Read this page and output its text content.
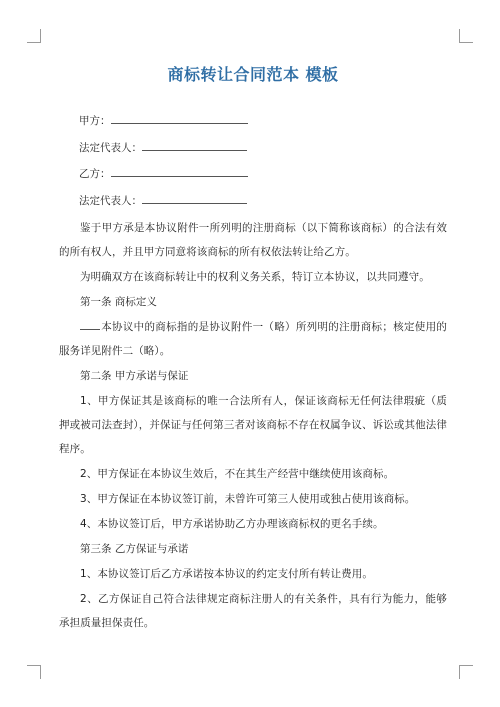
商标转让合同范本 模板
甲方：
法定代表人：
乙方：
法定代表人：

鉴于甲方承是本协议附件一所列明的注册商标（以下简称该商标）的合法有效的所有权人，并且甲方同意将该商标的所有权依法转让给乙方。

为明确双方在该商标转让中的权利义务关系，特订立本协议，以共同遵守。

第一条 商标定义

本协议中的商标指的是协议附件一（略）所列明的注册商标；核定使用的服务详见附件二（略）。

第二条 甲方承诺与保证

1、甲方保证其是该商标的唯一合法所有人，保证该商标无任何法律瑕疵（质押或被司法查封），并保证与任何第三者对该商标不存在权属争议、诉讼或其他法律程序。

2、甲方保证在本协议生效后，不在其生产经营中继续使用该商标。

3、甲方保证在本协议签订前，未曾许可第三人使用或独占使用该商标。

4、本协议签订后，甲方承诺协助乙方办理该商标权的更名手续。

第三条 乙方保证与承诺

1、本协议签订后乙方承诺按本协议的约定支付所有转让费用。

2、乙方保证自己符合法律规定商标注册人的有关条件，具有行为能力，能够承担质量担保责任。
